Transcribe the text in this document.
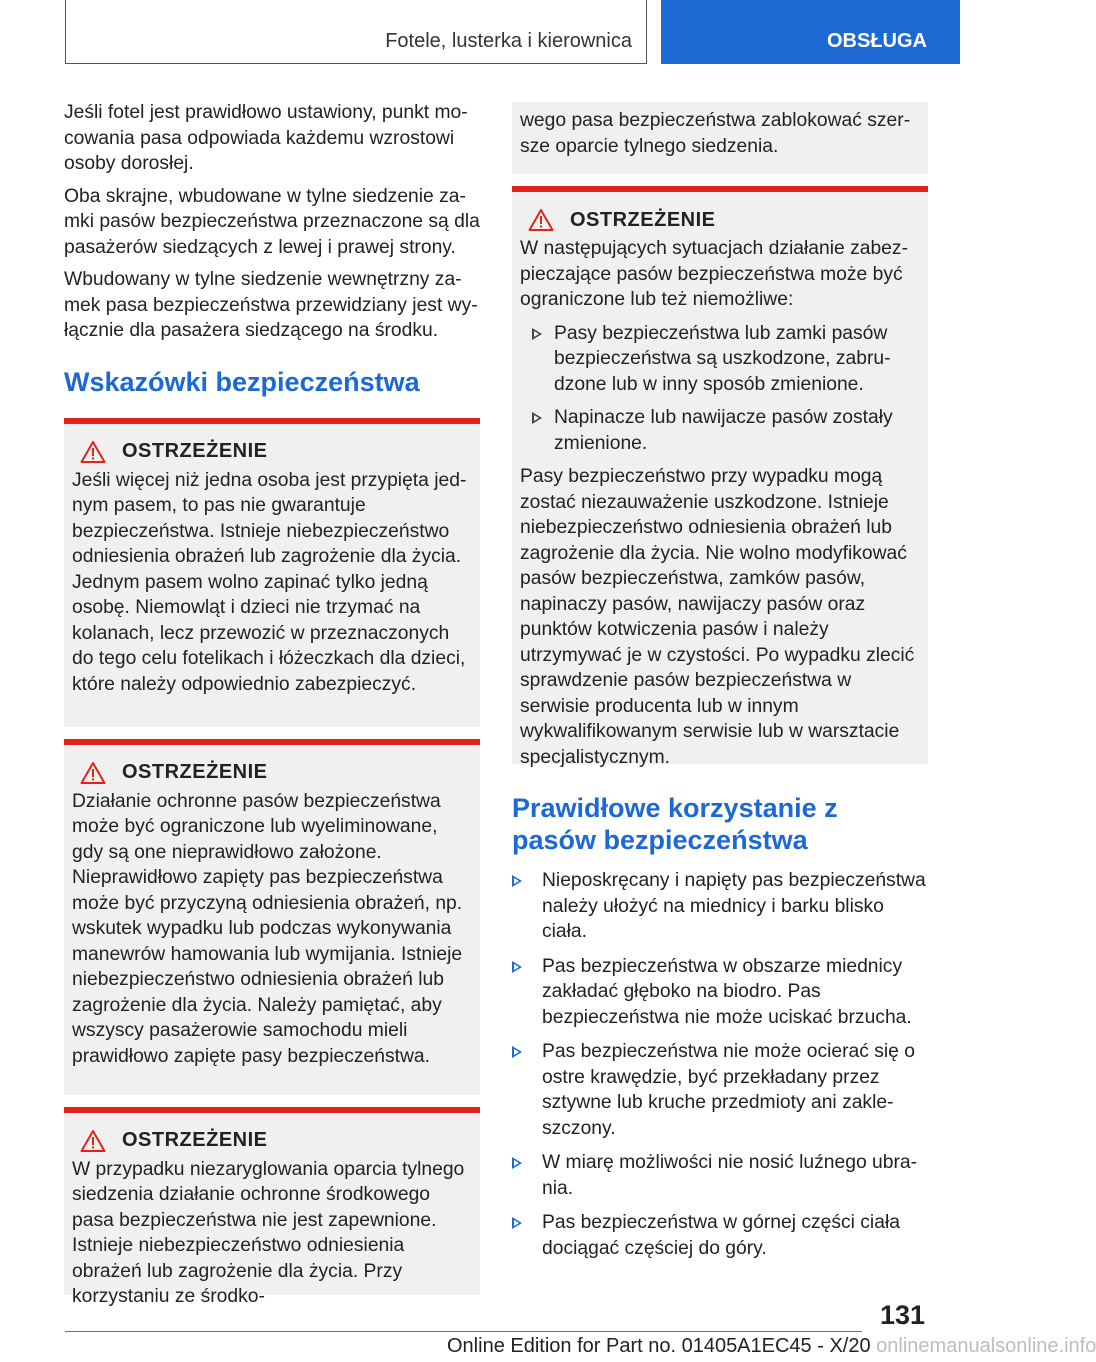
Fotele, lusterka i kierownica	OBSŁUGA

Jeśli fotel jest prawidłowo ustawiony, punkt mocowania pasa odpowiada każdemu wzrostowi osoby dorosłej.

Oba skrajne, wbudowane w tylne siedzenie zamki pasów bezpieczeństwa przeznaczone są dla pasażerów siedzących z lewej i prawej strony.

Wbudowany w tylne siedzenie wewnętrzny zamek pasa bezpieczeństwa przewidziany jest wyłącznie dla pasażera siedzącego na środku.

Wskazówki bezpieczeństwa
OSTRZEŻENIE

Jeśli więcej niż jedna osoba jest przypięta jednym pasem, to pas nie gwarantuje bezpieczeństwa. Istnieje niebezpieczeństwo odniesienia obrażeń lub zagrożenie dla życia. Jednym pasem wolno zapinać tylko jedną osobę. Niemowląt i dzieci nie trzymać na kolanach, lecz przewozić w przeznaczonych do tego celu fotelikach i łóżeczkach dla dzieci, które należy odpowiednio zabezpieczyć.

OSTRZEŻENIE

Działanie ochronne pasów bezpieczeństwa może być ograniczone lub wyeliminowane, gdy są one nieprawidłowo założone. Nieprawidłowo zapięty pas bezpieczeństwa może być przyczyną odniesienia obrażeń, np. wskutek wypadku lub podczas wykonywania manewrów hamowania lub wymijania. Istnieje niebezpieczeństwo odniesienia obrażeń lub zagrożenie dla życia. Należy pamiętać, aby wszyscy pasażerowie samochodu mieli prawidłowo zapięte pasy bezpieczeństwa.

OSTRZEŻENIE

W przypadku niezaryglowania oparcia tylnego siedzenia działanie ochronne środkowego pasa bezpieczeństwa nie jest zapewnione. Istnieje niebezpieczeństwo odniesienia obrażeń lub zagrożenie dla życia. Przy korzystaniu ze środko-

wego pasa bezpieczeństwa zablokować szersze oparcie tylnego siedzenia.

OSTRZEŻENIE

W następujących sytuacjach działanie zabezpieczające pasów bezpieczeństwa może być ograniczone lub też niemożliwe:

Pasy bezpieczeństwa lub zamki pasów bezpieczeństwa są uszkodzone, zabrudzone lub w inny sposób zmienione.
Napinacze lub nawijacze pasów zostały zmienione.

Pasy bezpieczeństwo przy wypadku mogą zostać niezauważenie uszkodzone. Istnieje niebezpieczeństwo odniesienia obrażeń lub zagrożenie dla życia. Nie wolno modyfikować pasów bezpieczeństwa, zamków pasów, napinaczy pasów, nawijaczy pasów oraz punktów kotwiczenia pasów i należy utrzymywać je w czystości. Po wypadku zlecić sprawdzenie pasów bezpieczeństwa w serwisie producenta lub w innym wykwalifikowanym serwisie lub w warsztacie specjalistycznym.

Prawidłowe korzystanie z pasów bezpieczeństwa
Nieposkręcany i napięty pas bezpieczeństwa należy ułożyć na miednicy i barku blisko ciała.
Pas bezpieczeństwa w obszarze miednicy zakładać głęboko na biodro. Pas bezpieczeństwa nie może uciskać brzucha.
Pas bezpieczeństwa nie może ocierać się o ostre krawędzie, być przekładany przez sztywne lub kruche przedmioty ani zakleszczony.
W miarę możliwości nie nosić luźnego ubrania.
Pas bezpieczeństwa w górnej części ciała dociągać częściej do góry.
131
Online Edition for Part no. 01405A1EC45 - X/20 onlinemanualsonline.info
